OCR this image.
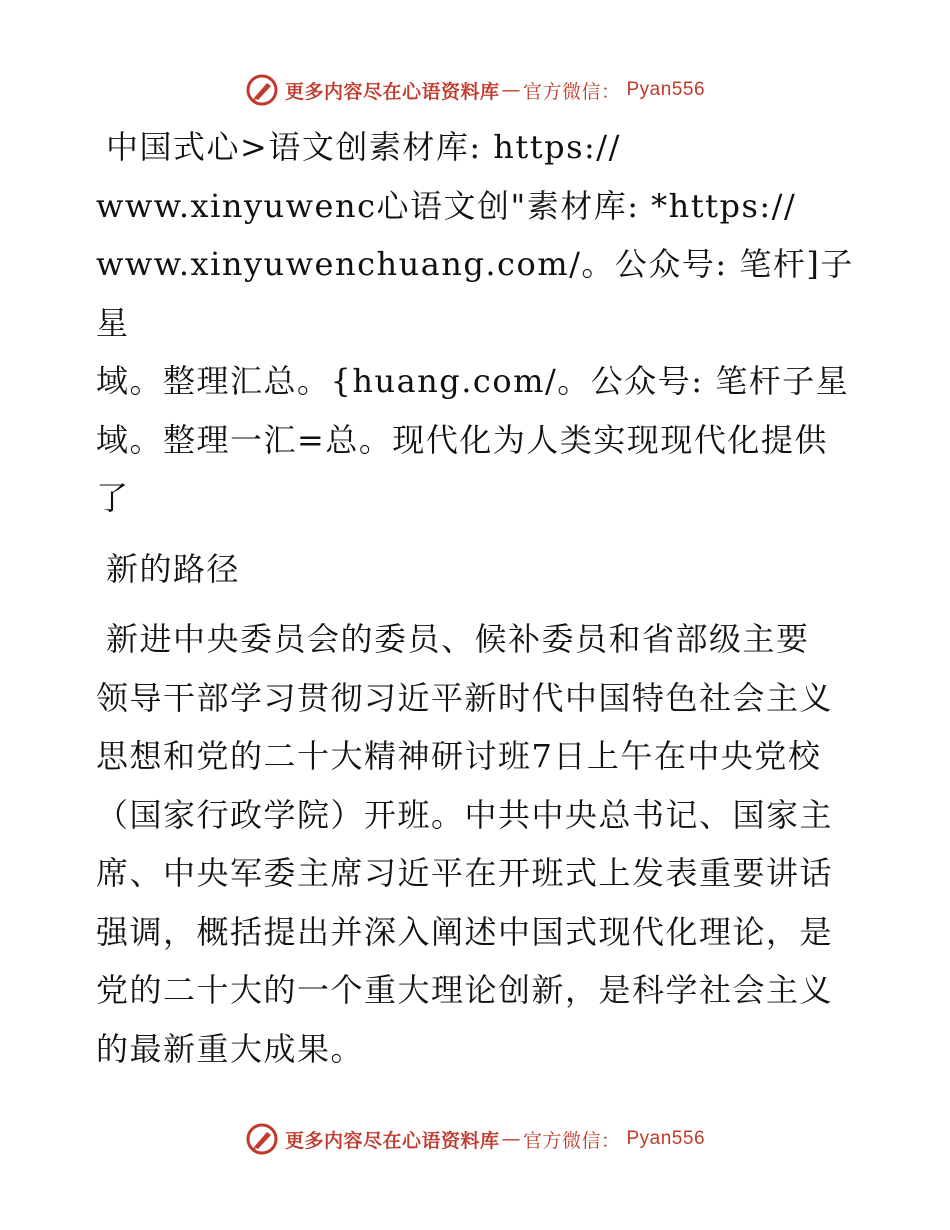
更多内容尽在心语资料库 — 官方微信： Pyan556

中国式心>语文创素材库: https://
www.xinyuwenc心语文创"素材库: *https://
www.xinyuwenchuang.com/。公众号: 笔杆]子星
域。整理汇总。{huang.com/。公众号: 笔杆子星
域。整理一汇=总。现代化为人类实现现代化提供
了

新的路径

新进中央委员会的委员、候补委员和省部级主要
领导干部学习贯彻习近平新时代中国特色社会主义
思想和党的二十大精神研讨班7日上午在中央党校
（国家行政学院）开班。中共中央总书记、国家主
席、中央军委主席习近平在开班式上发表重要讲话
强调，概括提出并深入阐述中国式现代化理论，是
党的二十大的一个重大理论创新，是科学社会主义
的最新重大成果。

更多内容尽在心语资料库 — 官方微信： Pyan556
